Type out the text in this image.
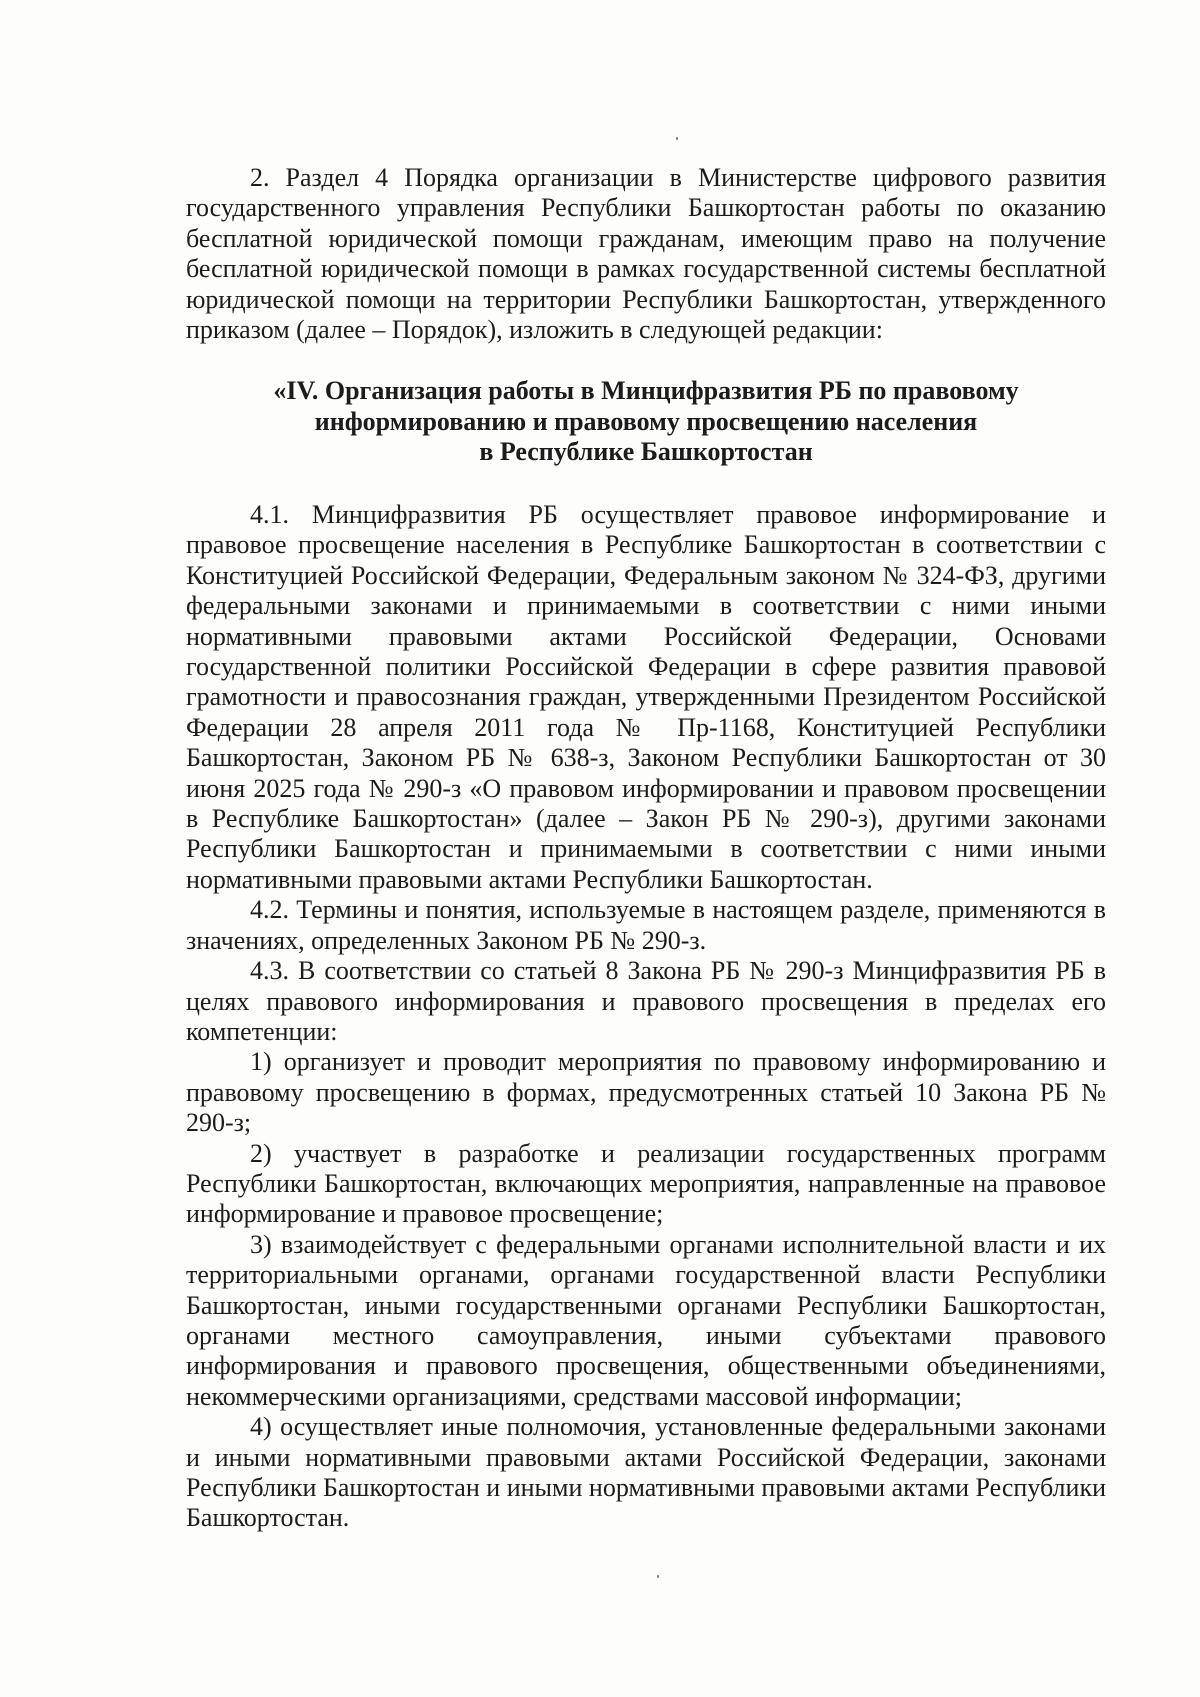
2. Раздел 4 Порядка организации в Министерстве цифрового развития государственного управления Республики Башкортостан работы по оказанию бесплатной юридической помощи гражданам, имеющим право на получение бесплатной юридической помощи в рамках государственной системы бесплатной юридической помощи на территории Республики Башкортостан, утвержденного приказом (далее – Порядок), изложить в следующей редакции:

«IV. Организация работы в Минцифразвития РБ по правовому
информированию и правовому просвещению населения
в Республике Башкортостан

4.1. Минцифразвития РБ осуществляет правовое информирование и правовое просвещение населения в Республике Башкортостан в соответствии с Конституцией Российской Федерации, Федеральным законом № 324-ФЗ, другими федеральными законами и принимаемыми в соответствии с ними иными нормативными правовыми актами Российской Федерации, Основами государственной политики Российской Федерации в сфере развития правовой грамотности и правосознания граждан, утвержденными Президентом Российской Федерации 28 апреля 2011 года № Пр-1168, Конституцией Республики Башкортостан, Законом РБ № 638-з, Законом Республики Башкортостан от 30 июня 2025 года № 290-з «О правовом информировании и правовом просвещении в Республике Башкортостан» (далее – Закон РБ № 290-з), другими законами Республики Башкортостан и принимаемыми в соответствии с ними иными нормативными правовыми актами Республики Башкортостан.

4.2. Термины и понятия, используемые в настоящем разделе, применяются в значениях, определенных Законом РБ № 290-з.

4.3. В соответствии со статьей 8 Закона РБ № 290-з Минцифразвития РБ в целях правового информирования и правового просвещения в пределах его компетенции:

1) организует и проводит мероприятия по правовому информированию и правовому просвещению в формах, предусмотренных статьей 10 Закона РБ № 290-з;

2) участвует в разработке и реализации государственных программ Республики Башкортостан, включающих мероприятия, направленные на правовое информирование и правовое просвещение;

3) взаимодействует с федеральными органами исполнительной власти и их территориальными органами, органами государственной власти Республики Башкортостан, иными государственными органами Республики Башкортостан, органами местного самоуправления, иными субъектами правового информирования и правового просвещения, общественными объединениями, некоммерческими организациями, средствами массовой информации;

4) осуществляет иные полномочия, установленные федеральными законами и иными нормативными правовыми актами Российской Федерации, законами Республики Башкортостан и иными нормативными правовыми актами Республики Башкортостан.
